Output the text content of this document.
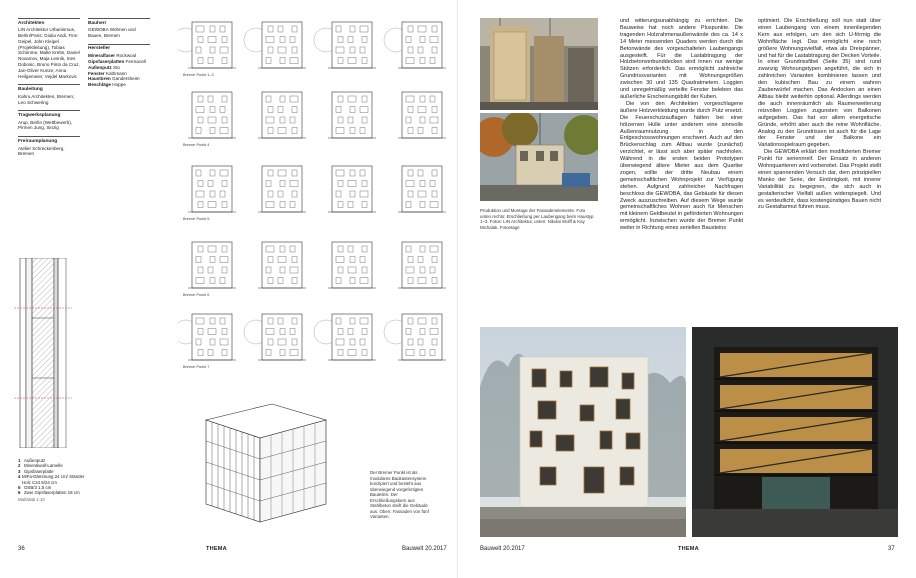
Architekten

LIN Architektur Urbanismus, Berlin/Paris; Giulia Andi, Finn Geipel, John Kleipel (Projektleitung), Tobias Schimme, Malte Krebs, Daniel Noxamov, Maja Lesnik, Ines Dobosic, Bruno Pinto da Cruz, Jan-Oliver Kunze, Anna Heilgemeier, Vejdel Markovic

Bauleitung

Kahru Architekten, Bremen; Leo Schwering

Tragwerksplanung

Arup, Berlin (Wettbewerb), Pirmen Jung, Sinzig

Freiraumplanung

Atelier Schreckenberg, Bremen

Bauherr

GEWOBA Wohnen und Bauen, Bremen

Hersteller

Mineralfaser Rockwool

Gipsfaserplatten Fermacell

Außenputz Sto

Fenster Kathmann

Haustüren Gandersheim

Beschläge Hoppe

Bremer Punkt 1–3
Bremer Punkt 4
Bremer Punkt 5
Bremer Punkt 6
Bremer Punkt 7
1 Außenputz
2 Mineralwoll-Lamelle
3 Gipsfaserplatte
4 MiFa-Dämmung 24 cm/ Ständer Holz C24 6/24 cm
5 OSB/3 1,5 cm
6 Zwei Gipsfaserplatten 18 cm
Maßstab 1:10
Der Bremer Punkt ist als modulares Baukastensystem konzipiert und besteht aus überwiegend vorgefertigten Bauteilen. Der Erschließungskern aus Stahlbeton steift die Gebäude aus. Oben: Fassaden von fünf Varianten.
36	THEMA	Bauwelt 20.2017
Produktion und Montage der Fassadenelemente. Foto unten rechts: Erschließung per Laubengang beim Haustyp 1–3. Fotos: LIN Architektur, unten: Nikolai Wolff & Kay Michalak, Fotoetage

und witterungsunabhängig zu errichten. Die Bauweise hat noch andere Pluspunkte. Die tragenden Holzrahmenaußenwände des ca. 14 x 14 Meter messenden Quaders werden durch die Betonwände des vorgeschalteten Laubengangs ausgesteift. Für die Lastabtragung der Holzbetonverbunddecken sind innen nur wenige Stützen erforderlich. Das ermöglicht zahlreiche Grundrissvarianten mit Wohnungsgrößen zwischen 30 und 135 Quadratmetern. Loggien und unregelmäßig verteilte Fenster beleben das äußerliche Erscheinungsbild der Kuben.

Die von den Architekten vorgeschlagene äußere Holzverkleidung wurde durch Putz ersetzt. Die Feuerschutzauflagen hätten bei einer hölzernen Hülle unter anderem eine sinnvolle Außenraumnutzung in den Erdgeschosswohnungen erschwert. Auch auf den Brückenschlag zum Altbau wurde (zunächst) verzichtet, er lässt sich aber später nachholen. Während in die ersten beiden Prototypen überwiegend ältere Mieter aus dem Quartier zogen, sollte der dritte Neubau einem gemeinschaftlichen Wohnprojekt zur Verfügung stehen. Aufgrund zahlreicher Nachfragen beschloss die GEWOBA, das Gebäude für diesen Zweck auszuschreiben. Auf diesem Wege wurde gemeinschaftliches Wohnen auch für Menschen mit kleinem Geldbeutel in geförderten Wohnungen ermöglicht. Inzwischen wurde der Bremer Punkt weiter in Richtung eines seriellen Bausteins

optimiert. Die Erschließung soll nun statt über einen Laubengang von einem innenliegenden Kern aus erfolgen, um den sich U-förmig die Wohnfläche legt. Das ermöglicht eine noch größere Wohnungsvielfalt, etwa als Dreispänner, und hat für die Lastabtragung der Decken Vorteile. In einer Grundrissfibel (Seite 35) sind rund zwanzig Wohnungstypen angeführt, die sich in zahlreichen Varianten kombinieren lassen und den kubischen Bau zu einem wahren Zauberwürfel machen. Das Andocken an einen Altbau bleibt weiterhin optional. Allerdings werden die auch innenräumlich als Raumerweiterung reizvollen Loggien zugunsten von Balkonen aufgegeben. Das hat vor allem energetische Gründe, erhöht aber auch die reine Wohnfläche. Analog zu den Grundrissen ist auch für die Lage der Fenster und der Balkone ein Variationsspielraum gegeben.

Die GEWOBA erklärt den modifizierten Bremer Punkt für seriennreif. Der Einsatz in anderen Wohnquartieren wird vorbereitet. Das Projekt stellt einen spannenden Versuch dar, dem prinzipiellen Manko der Serie, der Eintönigkeit, mit innerer Variabilität zu begegnen, die sich auch in gestalterischer Vielfalt außen widerspiegelt. Und es verdeutlicht, dass kostengünstiges Bauen nicht zu Gestaltarmut führen muss.

Bauwelt 20.2017	THEMA	37
